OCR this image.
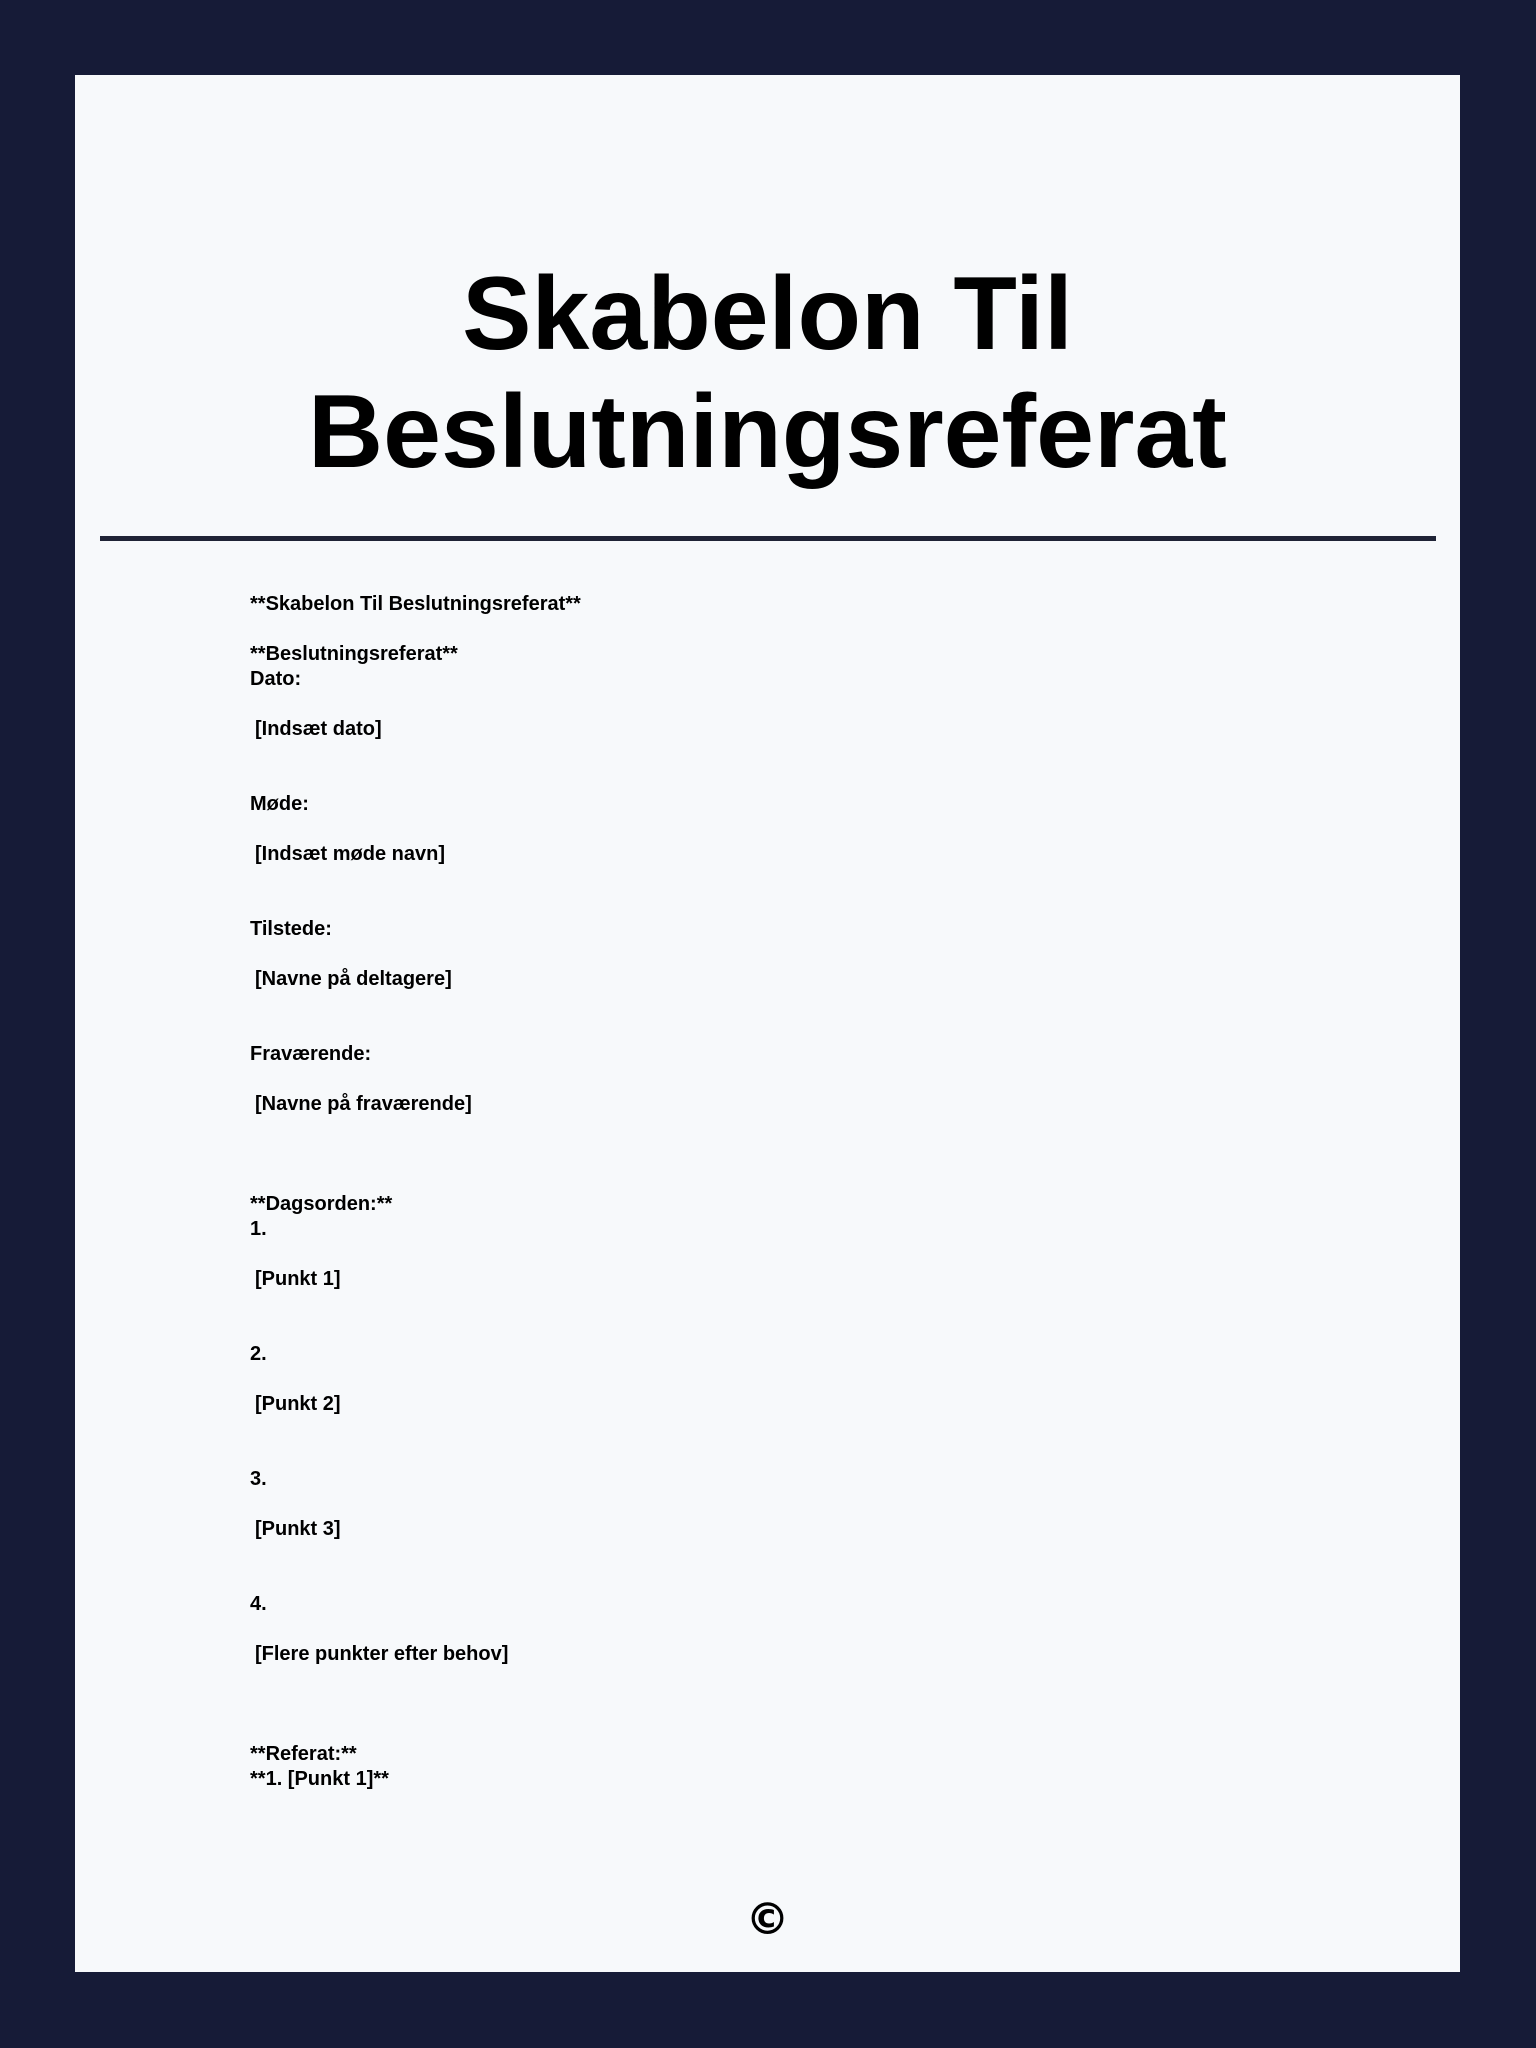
Skabelon Til
Beslutningsreferat
**Skabelon Til Beslutningsreferat**
**Beslutningsreferat**
Dato:
[Indsæt dato]
Møde:
[Indsæt møde navn]
Tilstede:
[Navne på deltagere]
Fraværende:
[Navne på fraværende]
**Dagsorden:**
1.
[Punkt 1]
2.
[Punkt 2]
3.
[Punkt 3]
4.
[Flere punkter efter behov]
**Referat:**
**1. [Punkt 1]**
©
